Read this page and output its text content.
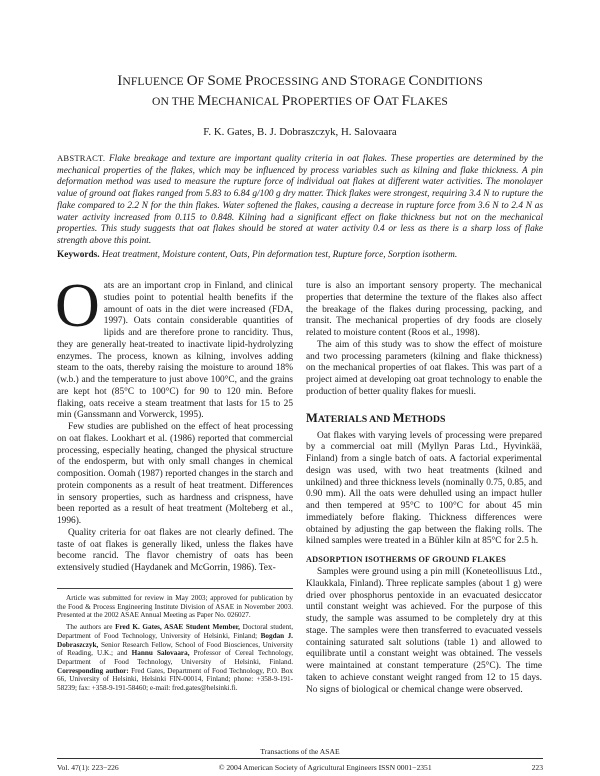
INFLUENCE OF SOME PROCESSING AND STORAGE CONDITIONS
ON THE MECHANICAL PROPERTIES OF OAT FLAKES
F. K. Gates, B. J. Dobraszczyk, H. Salovaara
ABSTRACT. Flake breakage and texture are important quality criteria in oat flakes. These properties are determined by the mechanical properties of the flakes, which may be influenced by process variables such as kilning and flake thickness. A pin deformation method was used to measure the rupture force of individual oat flakes at different water activities. The monolayer value of ground oat flakes ranged from 5.83 to 6.84 g/100 g dry matter. Thick flakes were strongest, requiring 3.4 N to rupture the flake compared to 2.2 N for the thin flakes. Water softened the flakes, causing a decrease in rupture force from 3.6 N to 2.4 N as water activity increased from 0.115 to 0.848. Kilning had a significant effect on flake thickness but not on the mechanical properties. This study suggests that oat flakes should be stored at water activity 0.4 or less as there is a sharp loss of flake strength above this point.
Keywords. Heat treatment, Moisture content, Oats, Pin deformation test, Rupture force, Sorption isotherm.

Oats are an important crop in Finland, and clinical studies point to potential health benefits if the amount of oats in the diet were increased (FDA, 1997). Oats contain considerable quantities of lipids and are therefore prone to rancidity. Thus, they are generally heat-treated to inactivate lipid-hydrolyzing enzymes. The process, known as kilning, involves adding steam to the oats, thereby raising the moisture to around 18% (w.b.) and the temperature to just above 100°C, and the grains are kept hot (85°C to 100°C) for 90 to 120 min. Before flaking, oats receive a steam treatment that lasts for 15 to 25 min (Ganssmann and Vorwerck, 1995).

Few studies are published on the effect of heat processing on oat flakes. Lookhart et al. (1986) reported that commercial processing, especially heating, changed the physical structure of the endosperm, but with only small changes in chemical composition. Oomah (1987) reported changes in the starch and protein components as a result of heat treatment. Differences in sensory properties, such as hardness and crispness, have been reported as a result of heat treatment (Molteberg et al., 1996).

Quality criteria for oat flakes are not clearly defined. The taste of oat flakes is generally liked, unless the flakes have become rancid. The flavor chemistry of oats has been extensively studied (Haydanek and McGorrin, 1986). Tex-

Article was submitted for review in May 2003; approved for publication by the Food & Process Engineering Institute Division of ASAE in November 2003. Presented at the 2002 ASAE Annual Meeting as Paper No. 026027.

The authors are Fred K. Gates, ASAE Student Member, Doctoral student, Department of Food Technology, University of Helsinki, Finland; Bogdan J. Dobraszczyk, Senior Research Fellow, School of Food Biosciences, University of Reading, U.K.; and Hannu Salovaara, Professor of Cereal Technology, Department of Food Technology, University of Helsinki, Finland. Corresponding author: Fred Gates, Department of Food Technology, P.O. Box 66, University of Helsinki, Helsinki FIN-00014, Finland; phone: +358-9-191-58239; fax: +358-9-191-58460; e-mail: fred.gates@helsinki.fi.

ture is also an important sensory property. The mechanical properties that determine the texture of the flakes also affect the breakage of the flakes during processing, packing, and transit. The mechanical properties of dry foods are closely related to moisture content (Roos et al., 1998).

The aim of this study was to show the effect of moisture and two processing parameters (kilning and flake thickness) on the mechanical properties of oat flakes. This was part of a project aimed at developing oat groat technology to enable the production of better quality flakes for muesli.

MATERIALS AND METHODS

Oat flakes with varying levels of processing were prepared by a commercial oat mill (Myllyn Paras Ltd., Hyvinkää, Finland) from a single batch of oats. A factorial experimental design was used, with two heat treatments (kilned and unkilned) and three thickness levels (nominally 0.75, 0.85, and 0.90 mm). All the oats were dehulled using an impact huller and then tempered at 95°C to 100°C for about 45 min immediately before flaking. Thickness differences were obtained by adjusting the gap between the flaking rolls. The kilned samples were treated in a Bühler kiln at 85°C for 2.5 h.

ADSORPTION ISOTHERMS OF GROUND FLAKES

Samples were ground using a pin mill (Koneteollisuus Ltd., Klaukkala, Finland). Three replicate samples (about 1 g) were dried over phosphorus pentoxide in an evacuated desiccator until constant weight was achieved. For the purpose of this study, the sample was assumed to be completely dry at this stage. The samples were then transferred to evacuated vessels containing saturated salt solutions (table 1) and allowed to equilibrate until a constant weight was obtained. The vessels were maintained at constant temperature (25°C). The time taken to achieve constant weight ranged from 12 to 15 days. No signs of biological or chemical change were observed.

Transactions of the ASAE
Vol. 47(1): 223−226	© 2004 American Society of Agricultural Engineers ISSN 0001−2351	223
